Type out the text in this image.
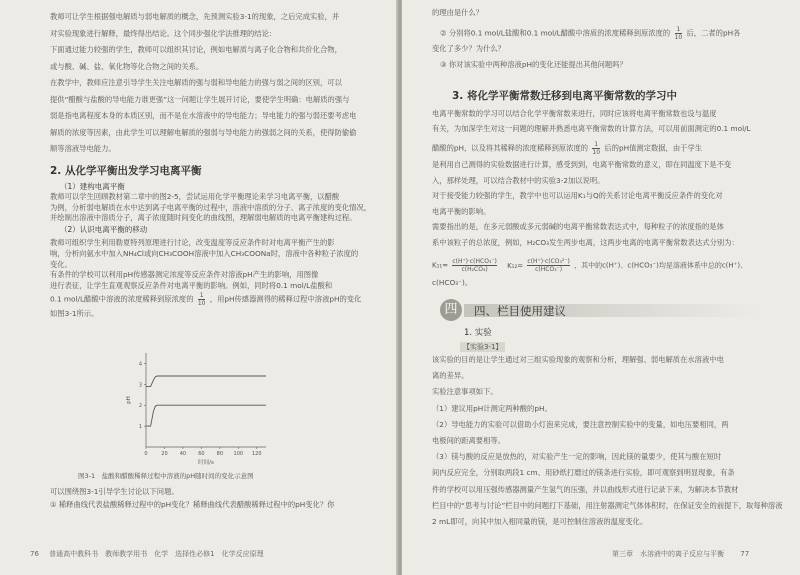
教师可让学生根据强电解质与弱电解质的概念，先预测实验3-1的现象，之后完成实验，并
对实验现象进行解释，最终得出结论。这个同步强化学法推理的结论：
下面通过能力较强的学生，教师可以组织其讨论，例如电解质与离子化合物和共价化合物，
或与酸、碱、盐、氧化物等化合物之间的关系。
在教学中，教师应注意引导学生关注电解质的强与弱和导电能力的强与弱之间的区别，可以
提供“醋酸与盐酸的导电能力谁更强”这一问题让学生展开讨论，要使学生明确：电解质的强与
弱是指电离程度本身的本质区别，而不是在水溶液中的导电能力；导电能力的强与弱还要考虑电
解质的浓度等因素，由此学生可以理解电解质的强弱与导电能力的强弱之间的关系，使得防偷偷
顺等溶液导电能力。
2. 从化学平衡出发学习电离平衡
（1）建构电离平衡
教师可以学生回顾教材第二章中的图2-5，尝试运用化学平衡理论来学习电离平衡，以醋酸
为例，分析弱电解质在水中达到离子电离平衡的过程中，溶液中溶质的分子、离子浓度的变化情况，
并绘制出溶液中溶质分子，离子浓度随时间变化的曲线图，理解弱电解质的电离平衡建构过程。
（2）认识电离平衡的移动
教师可组织学生利用勒夏特列原理进行讨论，改变温度等反应条件时对电离平衡产生的影
响，分析向氨水中加入NH₄Cl或向CH₃COOH溶液中加入CH₃COONa时，溶液中各种粒子浓度的
变化。
有条件的学校可以利用pH传感器测定浓度等反应条件对溶液pH产生的影响，用图像
进行表征，让学生直观观察反应条件对电离平衡的影响。例如，同时将0.1 mol/L盐酸和
0.1 mol/L醋酸中溶液的浓度稀释到原浓度的 $\frac{1}{10}$ ，用pH传感器测得的稀释过程中溶液pH的变化
如图3-1所示。
0	20 40 60 80 100 120
1
2
3
4
时间/s
pH
图3-1　盐酸和醋酸稀释过程中溶液的pH随时间的变化示意图
可以围绕图3-1引导学生讨论以下问题。
① 稀释曲线代表盐酸稀释过程中的pH变化？稀释曲线代表醋酸稀释过程中的pH变化？你
76 普通高中教科书　教师教学用书　化学　选择性必修1　化学反应原理
的理由是什么？
② 分别将0.1 mol/L盐酸和0.1 mol/L醋酸中溶质的浓度稀释到原浓度的 $\frac{1}{10}$ 后，二者的pH各
变化了多少？为什么？
③ 你对该实验中两种溶液pH的变化还能提出其他问题吗？
3. 将化学平衡常数迁移到电离平衡常数的学习中
电离平衡常数的学习可以结合化学平衡常数来进行，同时应该将电离平衡常数也设与温度
有关，为加深学生对这一问题的理解并熟悉电离平衡常数的计算方法，可以用前面测定的0.1 mol/L
醋酸的pH，以及将其稀释的浓度稀释到原浓度的 $\frac{1}{10}$ 后的pH值测定数据，由于学生
是利用自己测得的实验数据进行计算，感受到到，电离平衡常数的意义，即在同温度下是不变
入，那样处理，可以结合教材中的实验3-2加以说明。
对于接受能力较强的学生，教学中也可以运用K₁与Q的关系讨论电离平衡反应条件的变化对
电离平衡的影响。
需要指出的是，在多元弱酸或多元弱碱的电离平衡常数表达式中，每种粒子的浓度指的是体
系中该粒子的总浓度，例如，H₂CO₃发生两步电离，这两步电离的电离平衡常数表达式分别为：
$K_{11}= \frac{\text{c(H⁺)·c(HCO₃⁻)}}{\text{c(H₂CO₃)}} K_{12}= \frac{\text{c(H⁺)·c(CO₃²⁻)}}{\text{c(HCO₃⁻)}}$ ，其中的c(H⁺)、c(HCO₃⁻)均是溶液体系中总的c(H⁺)、
c(HCO₃⁻)。
1. 实验
【实验3-1】
该实验的目的是让学生通过对三组实验现象的观察和分析，理解强、弱电解质在水溶液中电
离的差异。
实验注意事项如下。
（1）建议用pH计测定两种酸的pH。
（2）导电能力的实验可以借助小灯泡来完成，要注意控制实验中的变量，如电压要相同，两
电极间的距离要相等。
（3）镁与酸的反应是放热的，对实验产生一定的影响，因此镁的量要少，使其与酸在短时
间内反应完全，分别取两段1 cm、用砂纸打磨过的镁条进行实验，即可观察到明显现象，有条
件的学校可以用压强传感器测量产生氢气的压强，并以曲线形式进行记录下来，为解决本节教材
栏目中的“思考与讨论”栏目中的问题打下基础，用注射器测定气体体积时，在保证安全的前提下，取每种溶液
2 mL即可，向其中加入相同量的镁，是可控制住溶液的温度变化。
第三章　水溶液中的离子反应与平衡 77
四	四、栏目使用建议
